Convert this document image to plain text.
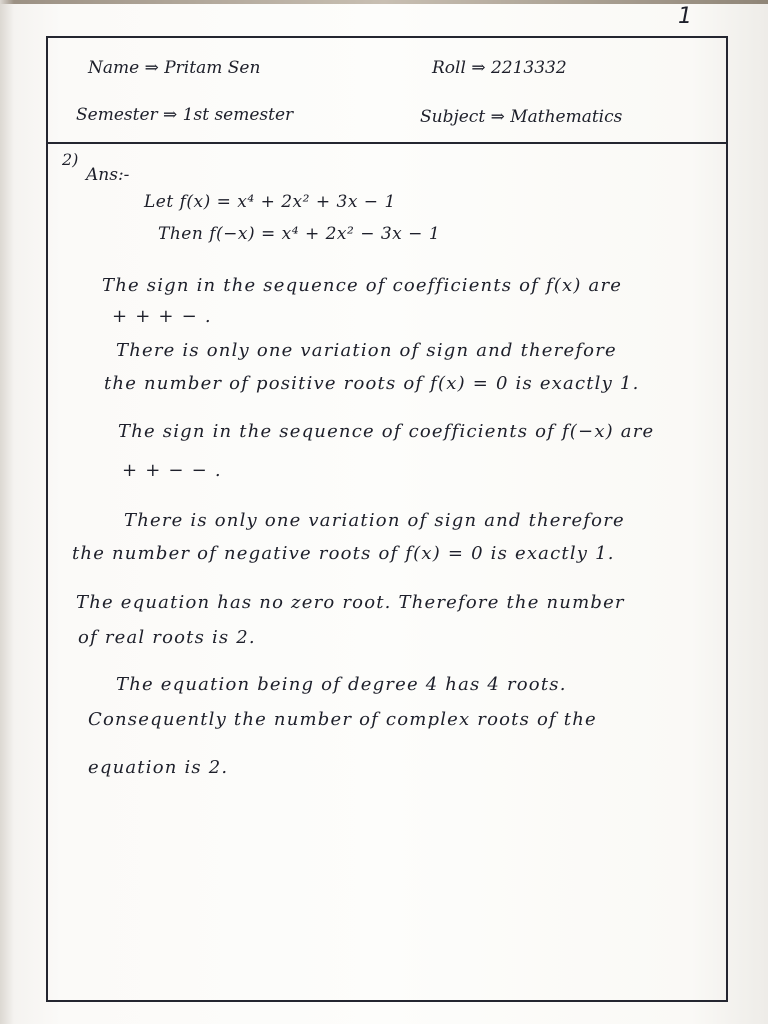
1
Name ⇒ Pritam Sen	Roll ⇒ 2213332
Semester ⇒ 1st semester	Subject ⇒ Mathematics
2)
Ans:-
Let f(x) = x⁴ + 2x² + 3x − 1
Then f(−x) = x⁴ + 2x² − 3x − 1
The sign in the sequence of coefficients of f(x) are
+ + + − .
There is only one variation of sign and therefore
the number of positive roots of f(x) = 0 is exactly 1.
The sign in the sequence of coefficients of f(−x) are
+ + − − .
There is only one variation of sign and therefore
the number of negative roots of f(x) = 0 is exactly 1.
The equation has no zero root. Therefore the number
of real roots is 2.
The equation being of degree 4 has 4 roots.
Consequently the number of complex roots of the
equation is 2.
